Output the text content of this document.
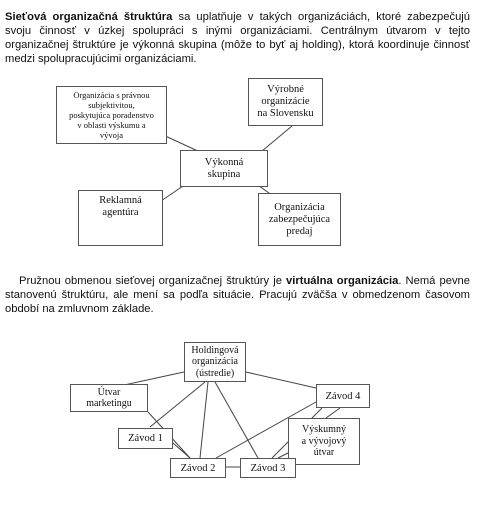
Sieťová organizačná štruktúra sa uplatňuje v takých organizáciách, ktoré zabezpečujú svoju činnosť v úzkej spolupráci s inými organizáciami. Centrálnym útvarom v tejto organizačnej štruktúre je výkonná skupina (môže to byť aj holding), ktorá koordinuje činnosť medzi spolupracujúcimi organizáciami.

Organizácia s právnou
subjektivitou,
poskytujúca poradenstvo
v oblasti výskumu a
vývoja
Výrobné
organizácie
na Slovensku
Výkonná
skupina
Reklamná
agentúra	Organizácia
zabezpečujúca
predaj

Pružnou obmenou sieťovej organizačnej štruktúry je virtuálna organizácia. Nemá pevne stanovenú štruktúru, ale mení sa podľa situácie. Pracujú zväčša v obmedzenom časovom období na zmluvnom základe.

Holdingová
organizácia
(ústredie)
Útvar
marketingu
Závod 4
Závod 1
Výskumný
a vývojový
útvar
Závod 2	Závod 3
